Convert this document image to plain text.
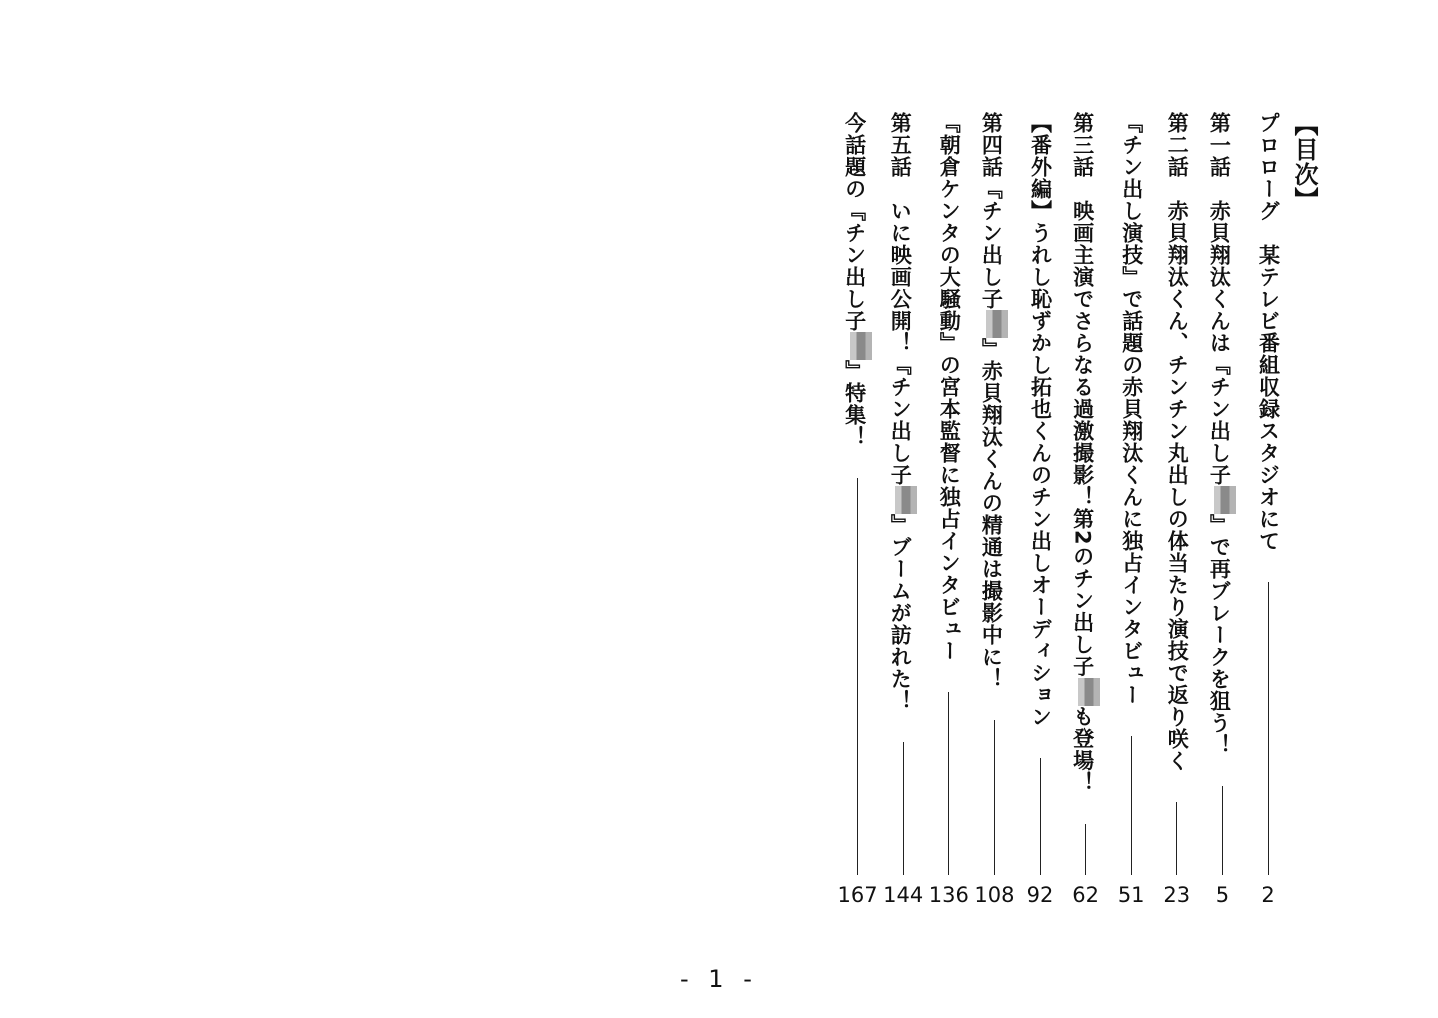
【目次】
プロローグ　某テレビ番組収録スタジオにて
2
第一話　赤貝翔汰くんは『チン出し子』で再ブレークを狙う！
5
第二話　赤貝翔汰くん、チンチン丸出しの体当たり演技で返り咲く
23
『チン出し演技』で話題の赤貝翔汰くんに独占インタビュー
51
第三話　映画主演でさらなる過激撮影！第2のチン出し子も登場！
62
【番外編】うれし恥ずかし拓也くんのチン出しオーディション
92
第四話『チン出し子』赤貝翔汰くんの精通は撮影中に！
108
『朝倉ケンタの大騒動』の宮本監督に独占インタビュー
136
第五話　いに映画公開！『チン出し子』ブームが訪れた！
144
今話題の『チン出し子』特集！
167
- 1 -
